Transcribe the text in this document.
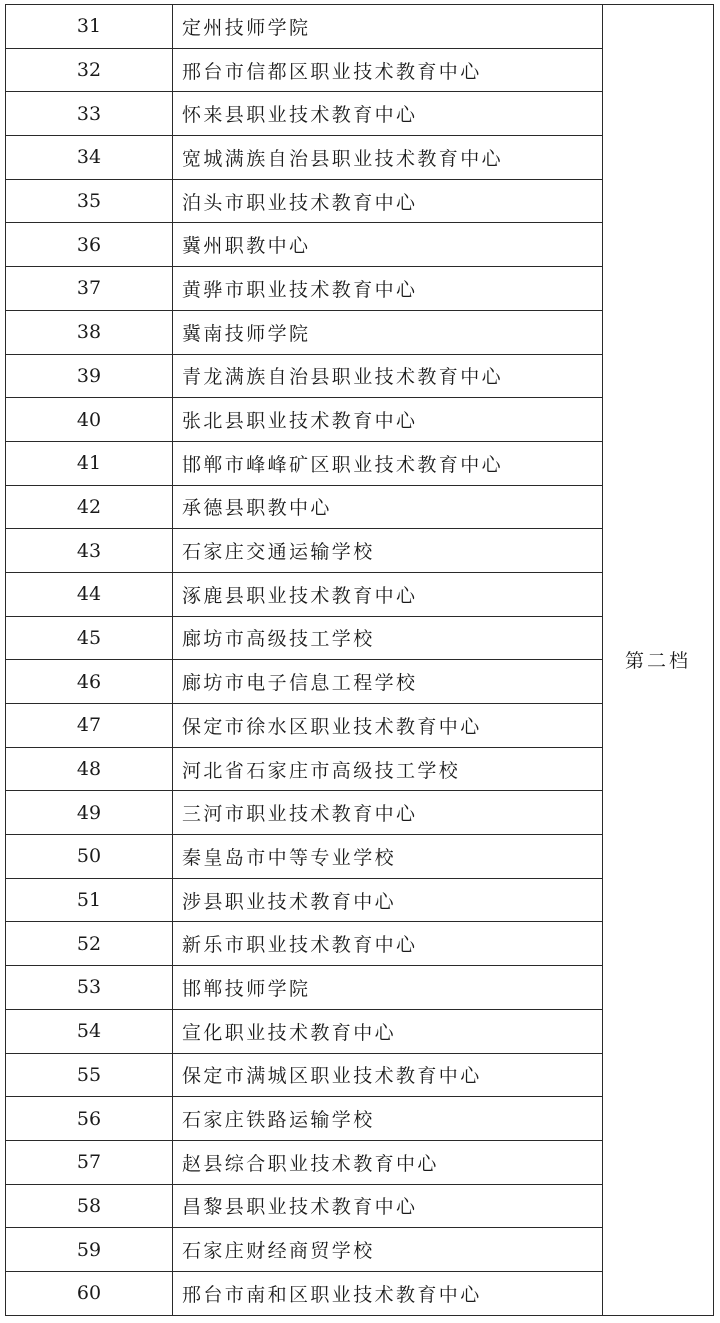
31	定州技师学院	第二档
32	邢台市信都区职业技术教育中心	
33	怀来县职业技术教育中心	
34	宽城满族自治县职业技术教育中心	
35	泊头市职业技术教育中心	
36	冀州职教中心	
37	黄骅市职业技术教育中心	
38	冀南技师学院	
39	青龙满族自治县职业技术教育中心	
40	张北县职业技术教育中心	
41	邯郸市峰峰矿区职业技术教育中心	
42	承德县职教中心	
43	石家庄交通运输学校	
44	涿鹿县职业技术教育中心	
45	廊坊市高级技工学校	
46	廊坊市电子信息工程学校	
47	保定市徐水区职业技术教育中心	
48	河北省石家庄市高级技工学校	
49	三河市职业技术教育中心	
50	秦皇岛市中等专业学校	
51	涉县职业技术教育中心	
52	新乐市职业技术教育中心	
53	邯郸技师学院	
54	宣化职业技术教育中心	
55	保定市满城区职业技术教育中心	
56	石家庄铁路运输学校	
57	赵县综合职业技术教育中心	
58	昌黎县职业技术教育中心	
59	石家庄财经商贸学校	
60	邢台市南和区职业技术教育中心	
